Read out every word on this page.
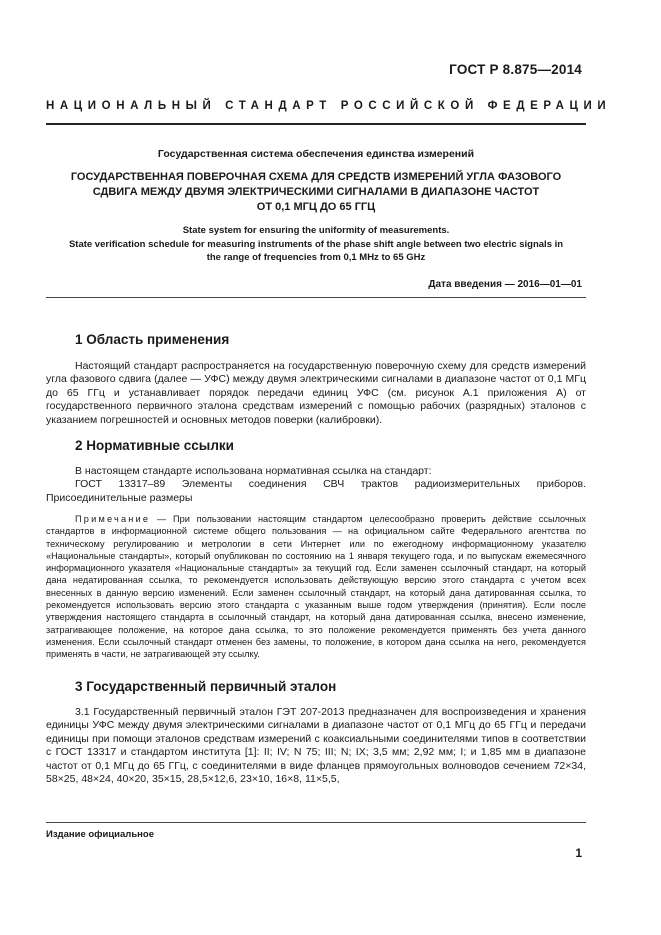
ГОСТ Р 8.875—2014
НАЦИОНАЛЬНЫЙ СТАНДАРТ РОССИЙСКОЙ ФЕДЕРАЦИИ
Государственная система обеспечения единства измерений
ГОСУДАРСТВЕННАЯ ПОВЕРОЧНАЯ СХЕМА ДЛЯ СРЕДСТВ ИЗМЕРЕНИЙ УГЛА ФАЗОВОГО
СДВИГА МЕЖДУ ДВУМЯ ЭЛЕКТРИЧЕСКИМИ СИГНАЛАМИ В ДИАПАЗОНЕ ЧАСТОТ
ОТ 0,1 МГЦ ДО 65 ГГЦ
State system for ensuring the uniformity of measurements.
State verification schedule for measuring instruments of the phase shift angle between two electric signals in
the range of frequencies from 0,1 MHz to 65 GHz
Дата введения — 2016—01—01
1 Область применения

Настоящий стандарт распространяется на государственную поверочную схему для средств измерений угла фазового сдвига (далее — УФС) между двумя электрическими сигналами в диапазоне частот от 0,1 МГц до 65 ГГц и устанавливает порядок передачи единиц УФС (см. рисунок А.1 приложения А) от государственного первичного эталона средствам измерений с помощью рабочих (разрядных) эталонов с указанием погрешностей и основных методов поверки (калибровки).

2 Нормативные ссылки

В настоящем стандарте использована нормативная ссылка на стандарт:

ГОСТ 13317–89 Элементы соединения СВЧ трактов радиоизмерительных приборов. Присоединительные размеры

Примечание — При пользовании настоящим стандартом целесообразно проверить действие ссылочных стандартов в информационной системе общего пользования — на официальном сайте Федерального агентства по техническому регулированию и метрологии в сети Интернет или по ежегодному информационному указателю «Национальные стандарты», который опубликован по состоянию на 1 января текущего года, и по выпускам ежемесячного информационного указателя «Национальные стандарты» за текущий год. Если заменен ссылочный стандарт, на который дана недатированная ссылка, то рекомендуется использовать действующую версию этого стандарта с учетом всех внесенных в данную версию изменений. Если заменен ссылочный стандарт, на который дана датированная ссылка, то рекомендуется использовать версию этого стандарта с указанным выше годом утверждения (принятия). Если после утверждения настоящего стандарта в ссылочный стандарт, на который дана датированная ссылка, внесено изменение, затрагивающее положение, на которое дана ссылка, то это положение рекомендуется применять без учета данного изменения. Если ссылочный стандарт отменен без замены, то положение, в котором дана ссылка на него, рекомендуется применять в части, не затрагивающей эту ссылку.
3 Государственный первичный эталон

3.1 Государственный первичный эталон ГЭТ 207-2013 предназначен для воспроизведения и хранения единицы УФС между двумя электрическими сигналами в диапазоне частот от 0,1 МГц до 65 ГГц и передачи единицы при помощи эталонов средствам измерений с коаксиальными соединителями типов в соответствии с ГОСТ 13317 и стандартом института [1]: II; IV; N 75; III; N; IX; 3,5 мм; 2,92 мм; I; и 1,85 мм в диапазоне частот от 0,1 МГц до 65 ГГц, с соединителями в виде фланцев прямоугольных волноводов сечением 72×34, 58×25, 48×24, 40×20, 35×15, 28,5×12,6, 23×10, 16×8, 11×5,5,

Издание официальное
1
